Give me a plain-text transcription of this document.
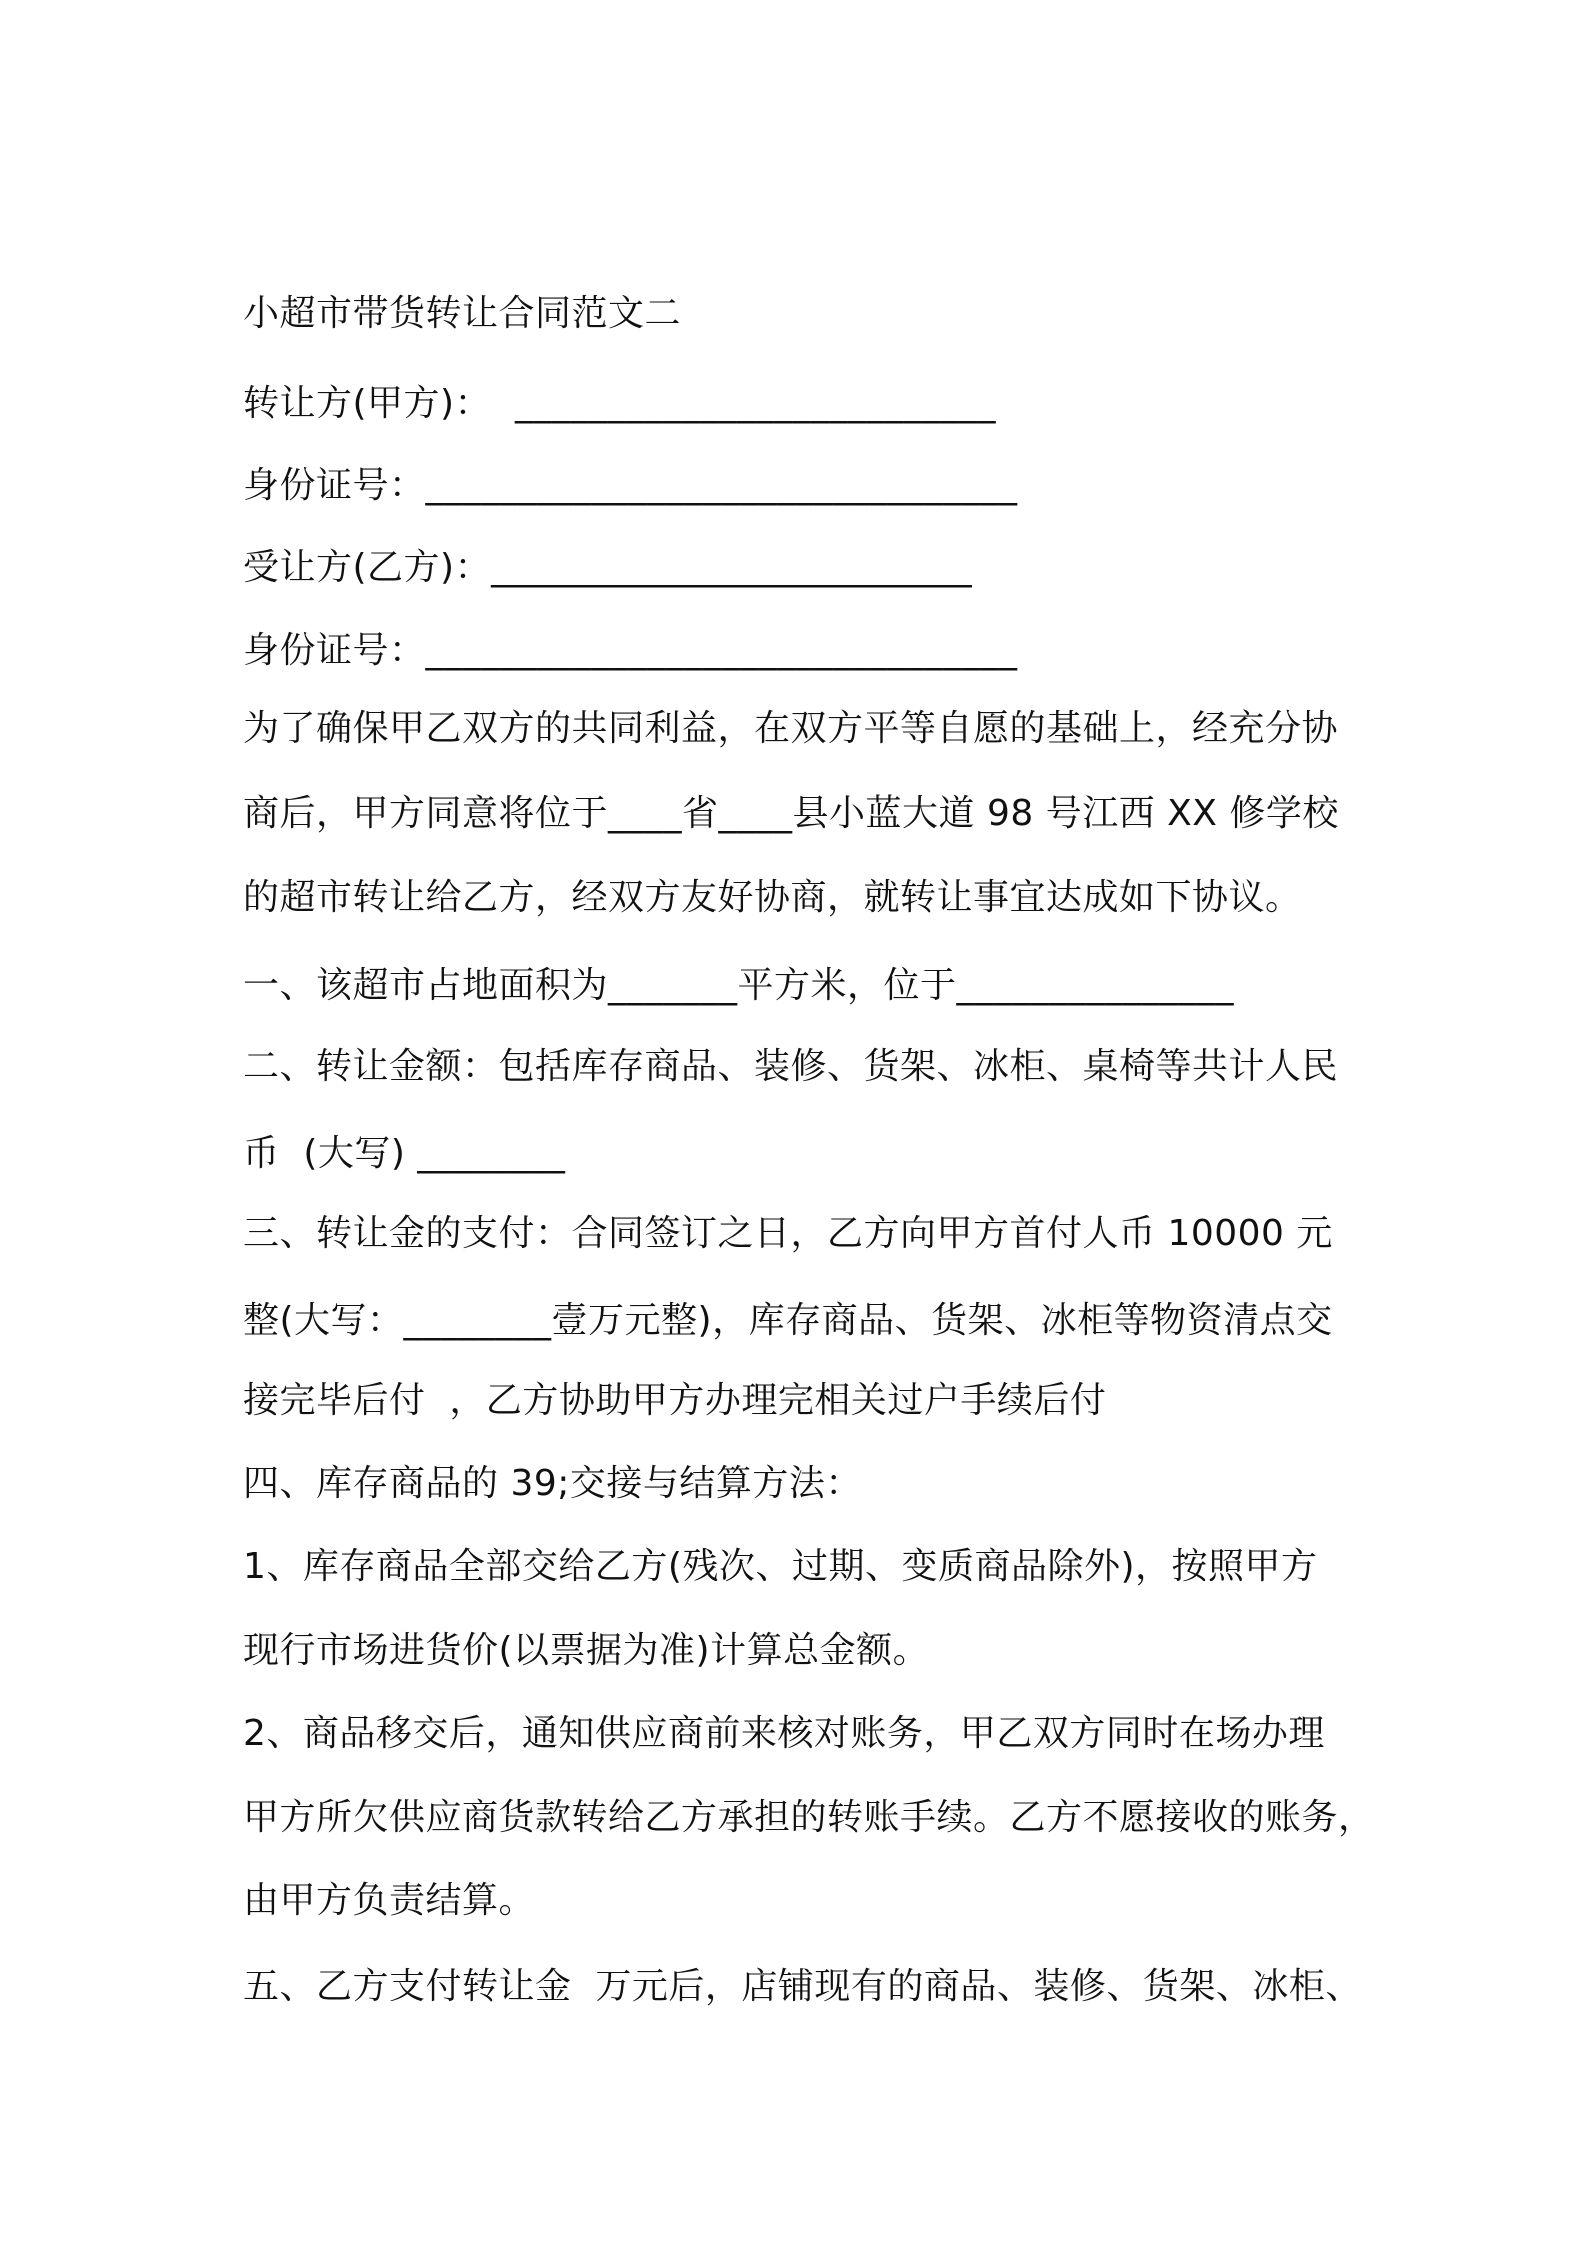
小超市带货转让合同范文二
转让方(甲方)：  __________________________
身份证号：________________________________
受让方(乙方)：__________________________
身份证号：________________________________
为了确保甲乙双方的共同利益，在双方平等自愿的基础上，经充分协
商后，甲方同意将位于____省____县小蓝大道 98 号江西 XX 修学校
的超市转让给乙方，经双方友好协商，就转让事宜达成如下协议。
一、该超市占地面积为_______平方米，位于_______________
二、转让金额：包括库存商品、装修、货架、冰柜、桌椅等共计人民
币  (大写) ________
三、转让金的支付：合同签订之日，乙方向甲方首付人币 10000 元
整(大写：________壹万元整)，库存商品、货架、冰柜等物资清点交
接完毕后付  ，乙方协助甲方办理完相关过户手续后付
四、库存商品的 39;交接与结算方法：
1、库存商品全部交给乙方(残次、过期、变质商品除外)，按照甲方
现行市场进货价(以票据为准)计算总金额。
2、商品移交后，通知供应商前来核对账务，甲乙双方同时在场办理
甲方所欠供应商货款转给乙方承担的转账手续。乙方不愿接收的账务，
由甲方负责结算。
五、乙方支付转让金  万元后，店铺现有的商品、装修、货架、冰柜、
